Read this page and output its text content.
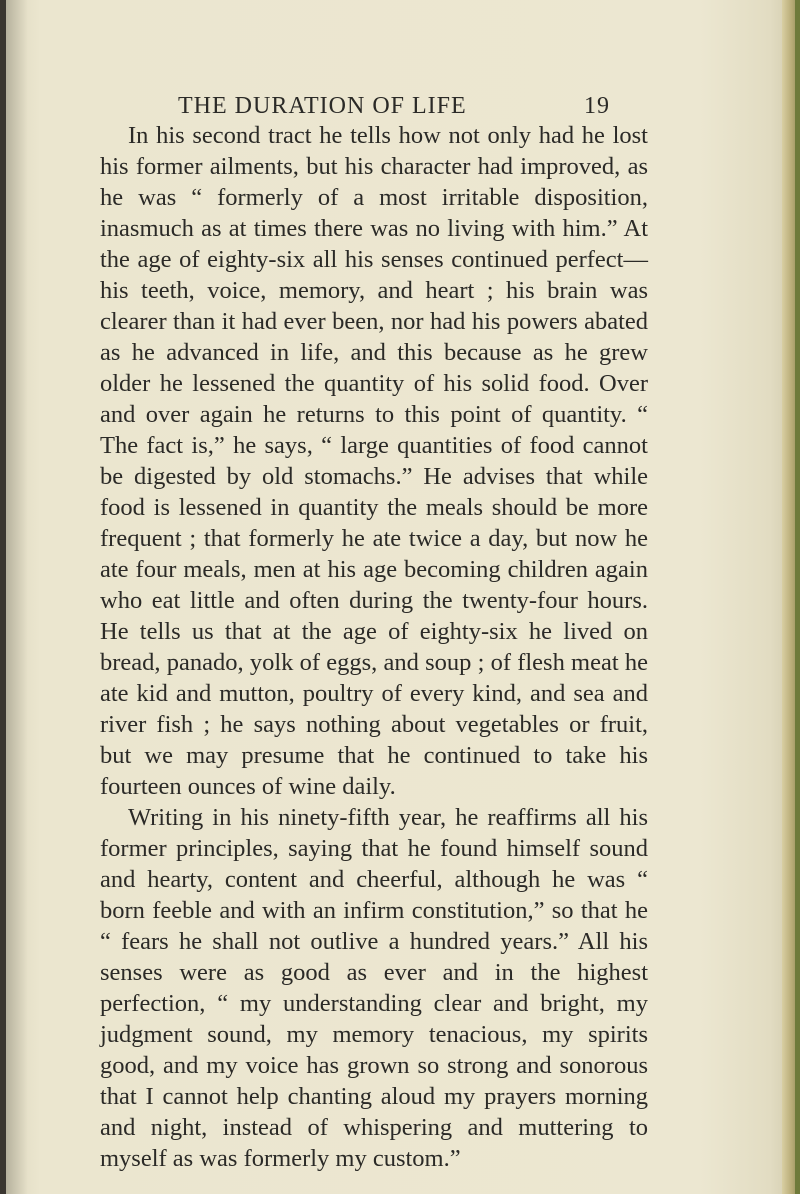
THE DURATION OF LIFE	19

In his second tract he tells how not only had he lost his former ailments, but his character had improved, as he was “ formerly of a most irritable disposition, inasmuch as at times there was no living with him.” At the age of eighty-six all his senses continued perfect—his teeth, voice, memory, and heart ; his brain was clearer than it had ever been, nor had his powers abated as he advanced in life, and this because as he grew older he lessened the quantity of his solid food. Over and over again he returns to this point of quantity. “ The fact is,” he says, “ large quantities of food cannot be digested by old stomachs.” He advises that while food is lessened in quantity the meals should be more frequent ; that formerly he ate twice a day, but now he ate four meals, men at his age becoming children again who eat little and often during the twenty-four hours. He tells us that at the age of eighty-six he lived on bread, panado, yolk of eggs, and soup ; of flesh meat he ate kid and mutton, poultry of every kind, and sea and river fish ; he says nothing about vegetables or fruit, but we may presume that he continued to take his fourteen ounces of wine daily.

Writing in his ninety-fifth year, he reaffirms all his former principles, saying that he found himself sound and hearty, content and cheerful, although he was “ born feeble and with an infirm constitution,” so that he “ fears he shall not outlive a hundred years.” All his senses were as good as ever and in the highest perfection, “ my understanding clear and bright, my judgment sound, my memory tenacious, my spirits good, and my voice has grown so strong and sonorous that I cannot help chanting aloud my prayers morning and night, instead of whispering and muttering to myself as was formerly my custom.”
